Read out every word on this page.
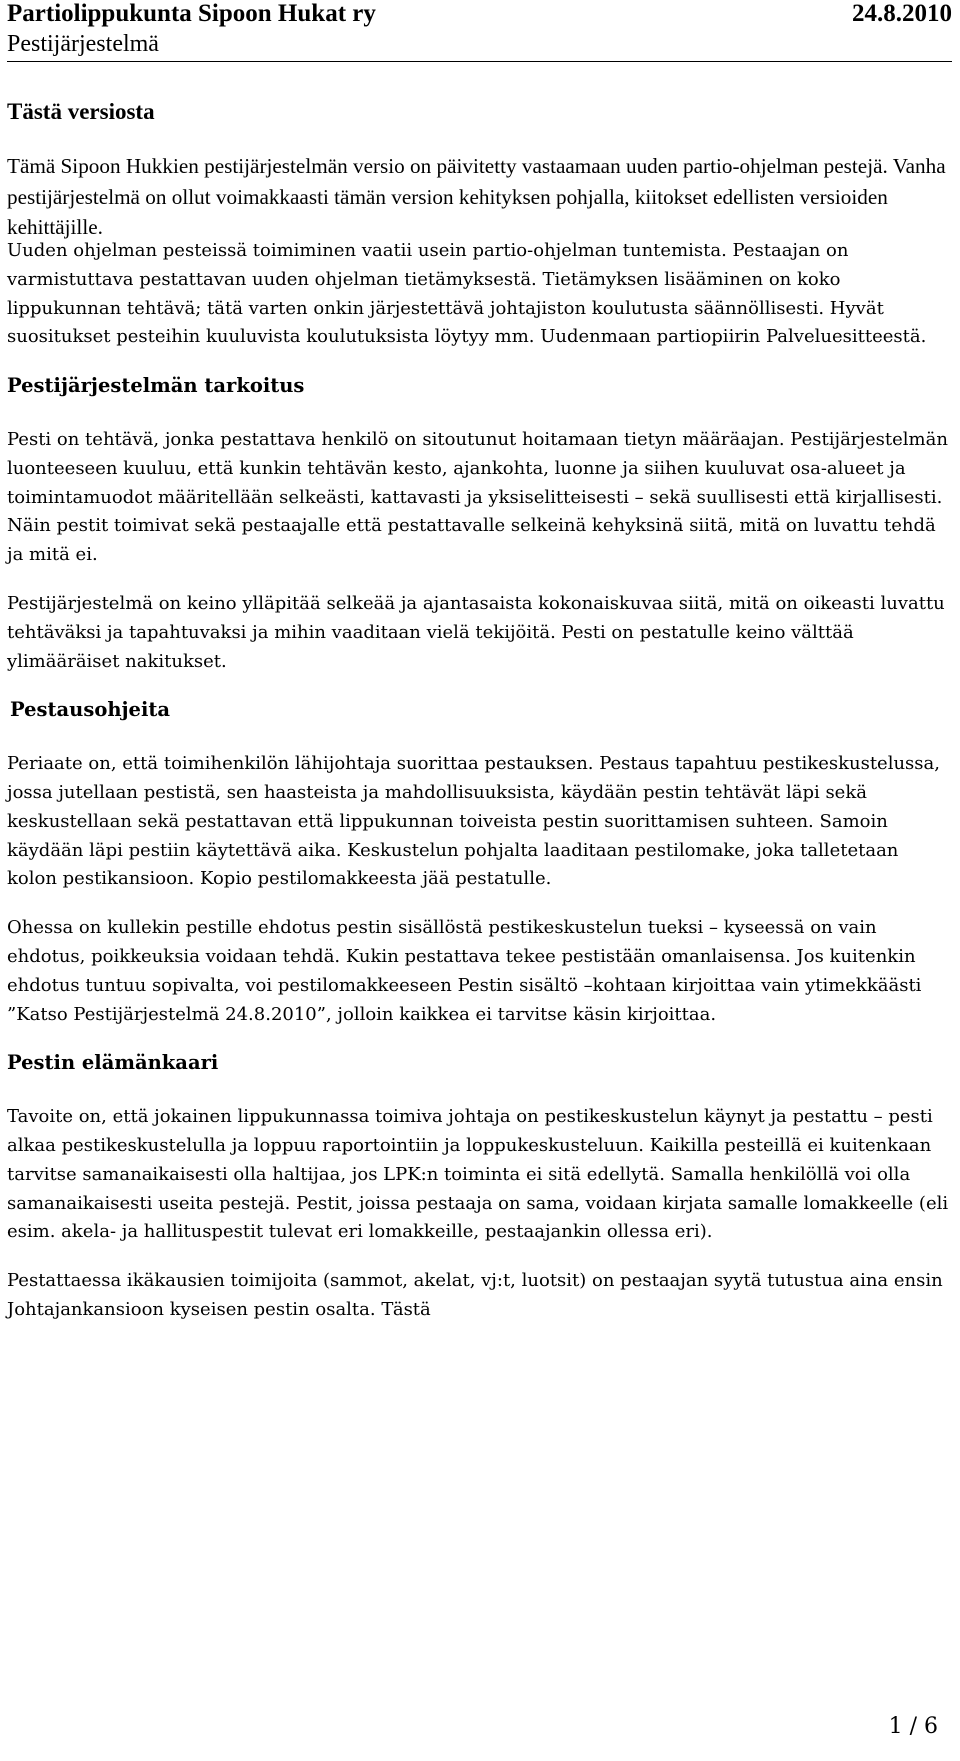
Partiolippukunta Sipoon Hukat ry	24.8.2010
Pestijärjestelmä
Tästä versiosta

Tämä Sipoon Hukkien pestijärjestelmän versio on päivitetty vastaamaan uuden partio-ohjelman pestejä. Vanha pestijärjestelmä on ollut voimakkaasti tämän version kehityksen pohjalla, kiitokset edellisten versioiden kehittäjille.

Uuden ohjelman pesteissä toimiminen vaatii usein partio-ohjelman tuntemista. Pestaajan on varmistuttava pestattavan uuden ohjelman tietämyksestä. Tietämyksen lisääminen on koko lippukunnan tehtävä; tätä varten onkin järjestettävä johtajiston koulutusta säännöllisesti. Hyvät suositukset pesteihin kuuluvista koulutuksista löytyy mm. Uudenmaan partiopiirin Palveluesitteestä.

Pestijärjestelmän tarkoitus

Pesti on tehtävä, jonka pestattava henkilö on sitoutunut hoitamaan tietyn määräajan. Pestijärjestelmän luonteeseen kuuluu, että kunkin tehtävän kesto, ajankohta, luonne ja siihen kuuluvat osa-alueet ja toimintamuodot määritellään selkeästi, kattavasti ja yksiselitteisesti – sekä suullisesti että kirjallisesti. Näin pestit toimivat sekä pestaajalle että pestattavalle selkeinä kehyksinä siitä, mitä on luvattu tehdä ja mitä ei.

Pestijärjestelmä on keino ylläpitää selkeää ja ajantasaista kokonaiskuvaa siitä, mitä on oikeasti luvattu tehtäväksi ja tapahtuvaksi ja mihin vaaditaan vielä tekijöitä. Pesti on pestatulle keino välttää ylimääräiset nakitukset.

Pestausohjeita

Periaate on, että toimihenkilön lähijohtaja suorittaa pestauksen. Pestaus tapahtuu pestikeskustelussa, jossa jutellaan pestistä, sen haasteista ja mahdollisuuksista, käydään pestin tehtävät läpi sekä keskustellaan sekä pestattavan että lippukunnan toiveista pestin suorittamisen suhteen. Samoin käydään läpi pestiin käytettävä aika. Keskustelun pohjalta laaditaan pestilomake, joka talletetaan kolon pestikansioon. Kopio pestilomakkeesta jää pestatulle.

Ohessa on kullekin pestille ehdotus pestin sisällöstä pestikeskustelun tueksi – kyseessä on vain ehdotus, poikkeuksia voidaan tehdä. Kukin pestattava tekee pestistään omanlaisensa. Jos kuitenkin ehdotus tuntuu sopivalta, voi pestilomakkeeseen Pestin sisältö –kohtaan kirjoittaa vain ytimekkäästi ”Katso Pestijärjestelmä 24.8.2010”, jolloin kaikkea ei tarvitse käsin kirjoittaa.

Pestin elämänkaari

Tavoite on, että jokainen lippukunnassa toimiva johtaja on pestikeskustelun käynyt ja pestattu – pesti alkaa pestikeskustelulla ja loppuu raportointiin ja loppukeskusteluun. Kaikilla pesteillä ei kuitenkaan tarvitse samanaikaisesti olla haltijaa, jos LPK:n toiminta ei sitä edellytä. Samalla henkilöllä voi olla samanaikaisesti useita pestejä. Pestit, joissa pestaaja on sama, voidaan kirjata samalle lomakkeelle (eli esim. akela- ja hallituspestit tulevat eri lomakkeille, pestaajankin ollessa eri).

Pestattaessa ikäkausien toimijoita (sammot, akelat, vj:t, luotsit) on pestaajan syytä tutustua aina ensin Johtajankansioon kyseisen pestin osalta. Tästä

1 / 6
